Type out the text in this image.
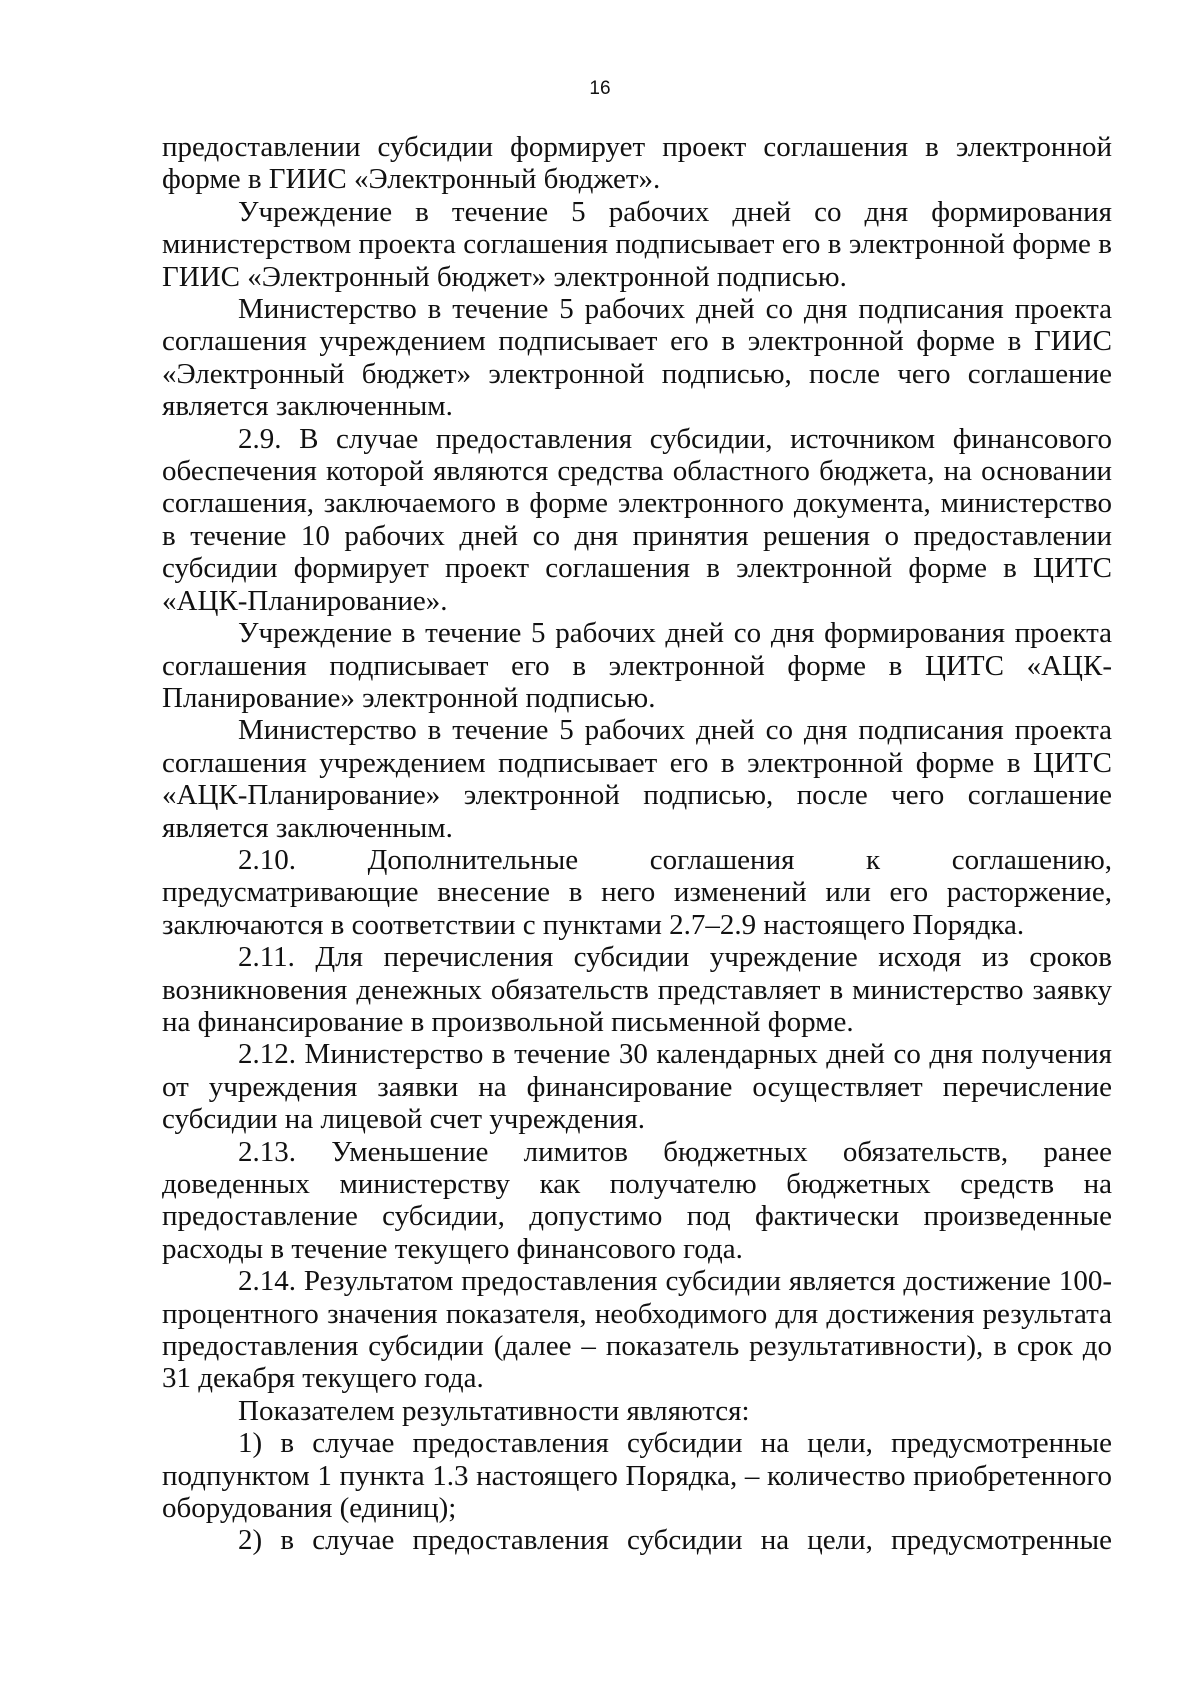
16

предоставлении субсидии формирует проект соглашения в электронной форме в ГИИС «Электронный бюджет».

Учреждение в течение 5 рабочих дней со дня формирования министерством проекта соглашения подписывает его в электронной форме в ГИИС «Электронный бюджет» электронной подписью.

Министерство в течение 5 рабочих дней со дня подписания проекта соглашения учреждением подписывает его в электронной форме в ГИИС «Электронный бюджет» электронной подписью, после чего соглашение является заключенным.

2.9. В случае предоставления субсидии, источником финансового обеспечения которой являются средства областного бюджета, на основании соглашения, заключаемого в форме электронного документа, министерство в течение 10 рабочих дней со дня принятия решения о предоставлении субсидии формирует проект соглашения в электронной форме в ЦИТС «АЦК-Планирование».

Учреждение в течение 5 рабочих дней со дня формирования проекта соглашения подписывает его в электронной форме в ЦИТС «АЦК-Планирование» электронной подписью.

Министерство в течение 5 рабочих дней со дня подписания проекта соглашения учреждением подписывает его в электронной форме в ЦИТС «АЦК-Планирование» электронной подписью, после чего соглашение является заключенным.

2.10. Дополнительные соглашения к соглашению, предусматривающие внесение в него изменений или его расторжение, заключаются в соответствии с пунктами 2.7–2.9 настоящего Порядка.

2.11. Для перечисления субсидии учреждение исходя из сроков возникновения денежных обязательств представляет в министерство заявку на финансирование в произвольной письменной форме.

2.12. Министерство в течение 30 календарных дней со дня получения от учреждения заявки на финансирование осуществляет перечисление субсидии на лицевой счет учреждения.

2.13. Уменьшение лимитов бюджетных обязательств, ранее доведенных министерству как получателю бюджетных средств на предоставление субсидии, допустимо под фактически произведенные расходы в течение текущего финансового года.

2.14. Результатом предоставления субсидии является достижение 100-процентного значения показателя, необходимого для достижения результата предоставления субсидии (далее – показатель результативности), в срок до 31 декабря текущего года.

Показателем результативности являются:

1) в случае предоставления субсидии на цели, предусмотренные подпунктом 1 пункта 1.3 настоящего Порядка, – количество приобретенного оборудования (единиц);

2) в случае предоставления субсидии на цели, предусмотренные
